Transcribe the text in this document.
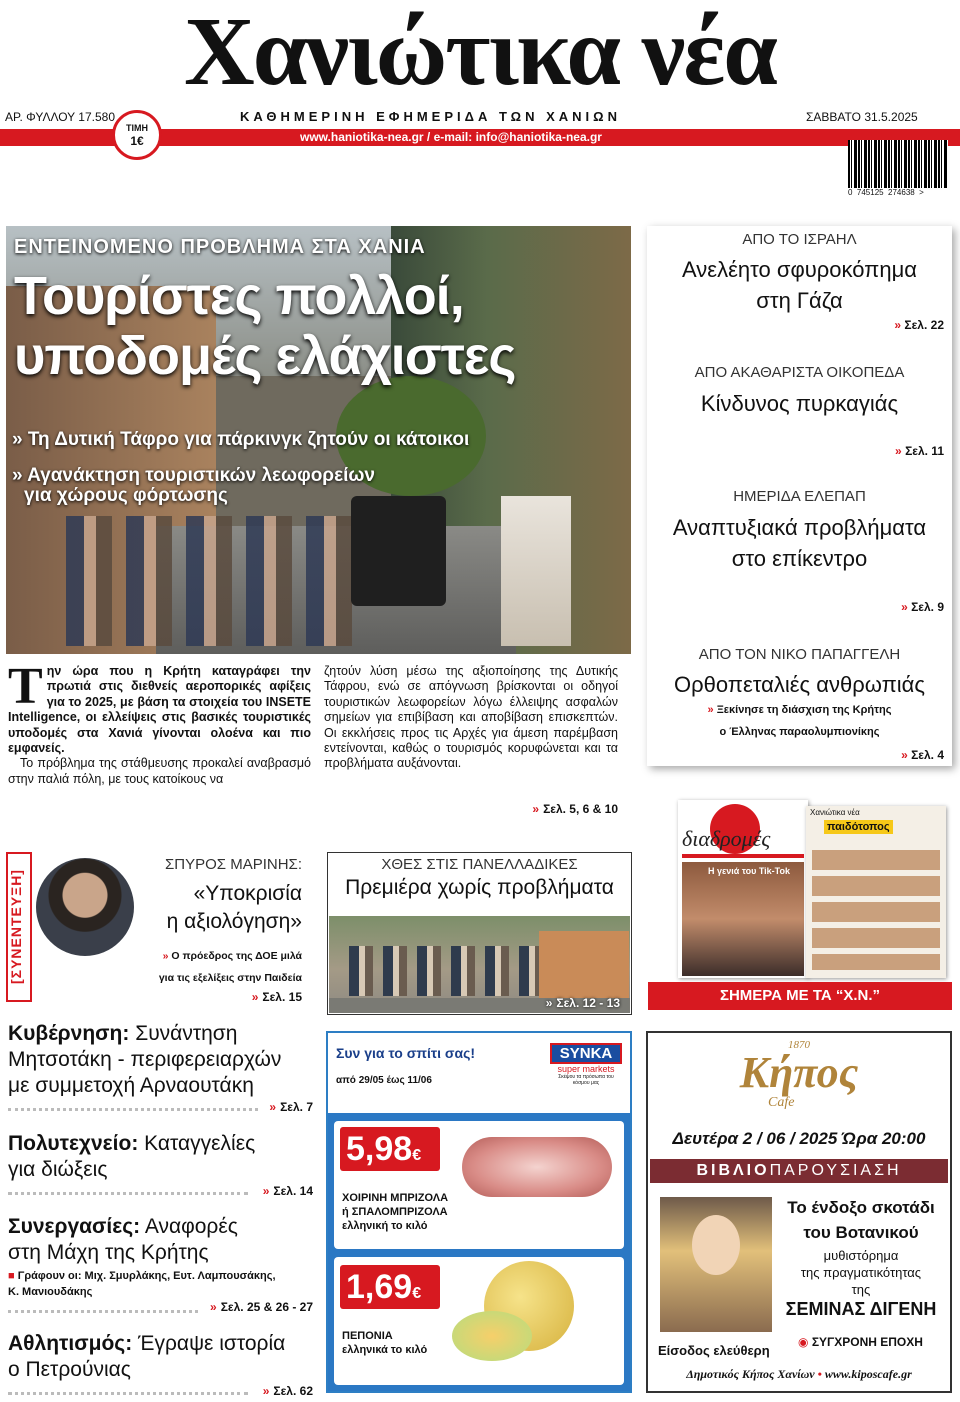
Χανιώτικα νέα
ΑΡ. ΦΥΛΛΟΥ 17.580	ΚΑΘΗΜΕΡΙΝΗ ΕΦΗΜΕΡΙΔΑ ΤΩΝ ΧΑΝΙΩΝ	ΣΑΒΒΑΤΟ 31.5.2025
www.haniotika-nea.gr / e-mail: info@haniotika-nea.gr
ΤΙΜΗ
1€
0  745125  274638  >
ΕΝΤΕΙΝΟΜΕΝΟ ΠΡΟΒΛΗΜΑ ΣΤΑ ΧΑΝΙΑ
Τουρίστες πολλοί,
υποδομές ελάχιστες
» Τη Δυτική Τάφρο για πάρκινγκ ζητούν οι κάτοικοι
» Αγανάκτηση τουριστικών λεωφορείων
για χώρους φόρτωσης
Την ώρα που η Κρήτη καταγράφει την πρωτιά στις διεθνείς αεροπορικές αφίξεις για το 2025, με βάση τα στοιχεία του INSETE Intelligence, οι ελλείψεις στις βασικές τουριστικές υποδομές στα Χανιά γίνονται ολοένα και πιο εμφανείς.

Το πρόβλημα της στάθμευσης προκαλεί αναβρασμό στην παλιά πόλη, με τους κατοίκους να
ζητούν λύση μέσω της αξιοποίησης της Δυτικής Τάφρου, ενώ σε απόγνωση βρίσκονται οι οδηγοί τουριστικών λεωφορείων λόγω έλλειψης ασφαλών σημείων για επιβίβαση και αποβίβαση επισκεπτών. Οι εκκλήσεις προς τις Αρχές για άμεση παρέμβαση εντείνονται, καθώς ο τουρισμός κορυφώνεται και τα προβλήματα αυξάνονται.
» Σελ. 5, 6 & 10
ΑΠΟ ΤΟ ΙΣΡΑΗΛ
Ανελέητο σφυροκόπημα
στη Γάζα
» Σελ. 22
ΑΠΟ ΑΚΑΘΑΡΙΣΤΑ ΟΙΚΟΠΕΔΑ
Κίνδυνος πυρκαγιάς
» Σελ. 11
ΗΜΕΡΙΔΑ ΕΛΕΠΑΠ
Αναπτυξιακά προβλήματα
στο επίκεντρο
» Σελ. 9
ΑΠΟ ΤΟΝ ΝΙΚΟ ΠΑΠΑΓΓΕΛΗ
Ορθοπεταλιές ανθρωπιάς
» Ξεκίνησε τη διάσχιση της Κρήτης
ο Έλληνας παραολυμπιονίκης
» Σελ. 4
[ΣΥΝΕΝΤΕΥΞΗ]
ΣΠΥΡΟΣ ΜΑΡΙΝΗΣ:
«Υποκρισία
η αξιολόγηση»
» Ο πρόεδρος της ΔΟΕ μιλά
για τις εξελίξεις στην Παιδεία
» Σελ. 15
ΧΘΕΣ ΣΤΙΣ ΠΑΝΕΛΛΑΔΙΚΕΣ
Πρεμιέρα χωρίς προβλήματα
» Σελ. 12 - 13
διαδρομές
Η γενιά του Tik-Tok
Χανιώτικα νέα
παιδότοπος
ΣΗΜΕΡΑ ΜΕ ΤΑ “Χ.Ν.”
Κυβέρνηση: Συνάντηση
Μητσοτάκη - περιφερειαρχών
με συμμετοχή Αρναουτάκη
» Σελ. 7
Πολυτεχνείο: Καταγγελίες
για διώξεις
» Σελ. 14
Συνεργασίες: Αναφορές
στη Μάχη της Κρήτης
■ Γράφουν οι: Μιχ. Σμυρλάκης, Ευτ. Λαμπουσάκης,
Κ. Μανιουδάκης
» Σελ. 25 & 26 - 27
Αθλητισμός: Έγραψε ιστορία
ο Πετρούνιας
» Σελ. 62
Συν για το σπίτι σας!
από 29/05 έως 11/06
SYNKA
super markets
Σκέψου τα πρόσωπα του κόσμου μας
5,98€
ΧΟΙΡΙΝΗ ΜΠΡΙΖΟΛΑ
ή ΣΠΑΛΟΜΠΡΙΖΟΛΑ
ελληνική το κιλό
1,69€
ΠΕΠΟΝΙΑ
ελληνικά το κιλό
1870
Κήπος
Cafe
Δευτέρα 2 / 06 / 2025 Ώρα 20:00
ΒΙΒΛΙΟΠΑΡΟΥΣΙΑΣΗ
Το ένδοξο σκοτάδι
του Βοτανικού
μυθιστόρημα
της πραγματικότητας
της
ΣΕΜΙΝΑΣ ΔΙΓΕΝΗ
◉ ΣΥΓΧΡΟΝΗ ΕΠΟΧΗ
Είσοδος ελεύθερη
Δημοτικός Κήπος Χανίων • www.kiposcafe.gr
